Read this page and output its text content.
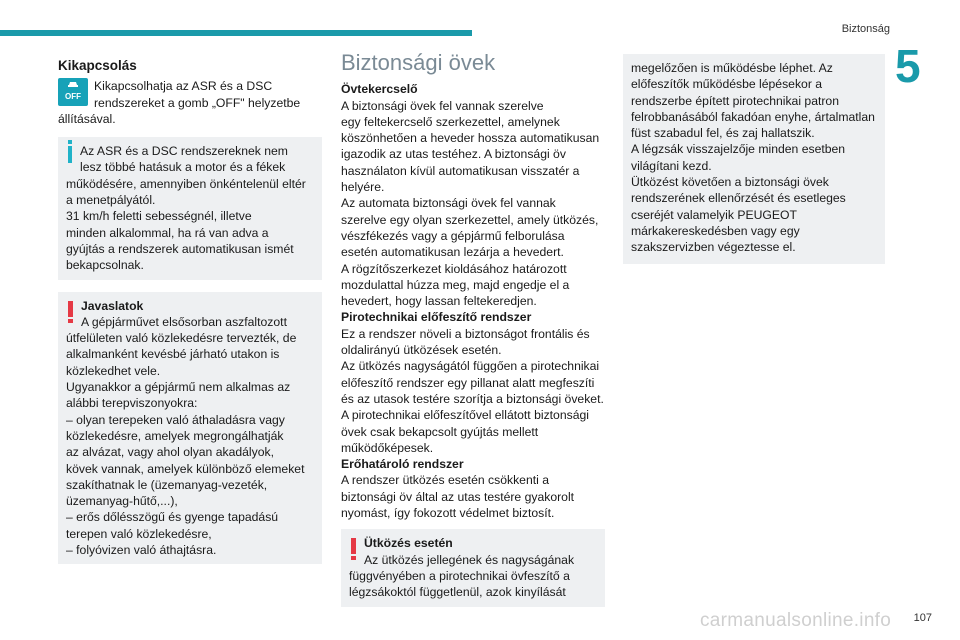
Biztonság
5
Kikapcsolás
OFF

Kikapcsolhatja az ASR és a DSC
rendszereket a gomb „OFF" helyzetbe
állításával.

Az ASR és a DSC rendszereknek nem
lesz többé hatásuk a motor és a fékek
működésére, amennyiben önkéntelenül eltér
a menetpályától.
31 km/h feletti sebességnél, illetve
minden alkalommal, ha rá van adva a
gyújtás a rendszerek automatikusan ismét
bekapcsolnak.
Javaslatok
A gépjárművet elsősorban aszfaltozott
útfelületen való közlekedésre tervezték, de
alkalmanként kevésbé járható utakon is
közlekedhet vele.
Ugyanakkor a gépjármű nem alkalmas az
alábbi terepviszonyokra:
– olyan terepeken való áthaladásra vagy
közlekedésre, amelyek megrongálhatják
az alvázat, vagy ahol olyan akadályok,
kövek vannak, amelyek különböző elemeket
szakíthatnak le (üzemanyag-vezeték,
üzemanyag-hűtő,...),
– erős dőlésszögű és gyenge tapadású
terepen való közlekedésre,
– folyóvizen való áthajtásra.
Biztonsági övek
Övtekercselő
A biztonsági övek fel vannak szerelve
egy feltekercselő szerkezettel, amelynek
köszönhetően a heveder hossza automatikusan
igazodik az utas testéhez. A biztonsági öv
használaton kívül automatikusan visszatér a
helyére.
Az automata biztonsági övek fel vannak
szerelve egy olyan szerkezettel, amely ütközés,
vészfékezés vagy a gépjármű felborulása
esetén automatikusan lezárja a hevedert.
A rögzítőszerkezet kioldásához határozott
mozdulattal húzza meg, majd engedje el a
hevedert, hogy lassan feltekeredjen.
Pirotechnikai előfeszítő rendszer
Ez a rendszer növeli a biztonságot frontális és
oldalirányú ütközések esetén.
Az ütközés nagyságától függően a pirotechnikai
előfeszítő rendszer egy pillanat alatt megfeszíti
és az utasok testére szorítja a biztonsági öveket.
A pirotechnikai előfeszítővel ellátott biztonsági
övek csak bekapcsolt gyújtás mellett
működőképesek.
Erőhatároló rendszer
A rendszer ütközés esetén csökkenti a
biztonsági öv által az utas testére gyakorolt
nyomást, így fokozott védelmet biztosít.
Ütközés esetén
Az ütközés jellegének és nagyságának
függvényében a pirotechnikai övfeszítő a
légzsákoktól függetlenül, azok kinyílását
megelőzően is működésbe léphet. Az
előfeszítők működésbe lépésekor a
rendszerbe épített pirotechnikai patron
felrobbanásából fakadóan enyhe, ártalmatlan
füst szabadul fel, és zaj hallatszik.
A légzsák visszajelzője minden esetben
világítani kezd.
Ütközést követően a biztonsági övek
rendszerének ellenőrzését és esetleges
cseréjét valamelyik PEUGEOT
márkakereskedésben vagy egy
szakszervizben végeztesse el.
107
carmanualsonline.info
